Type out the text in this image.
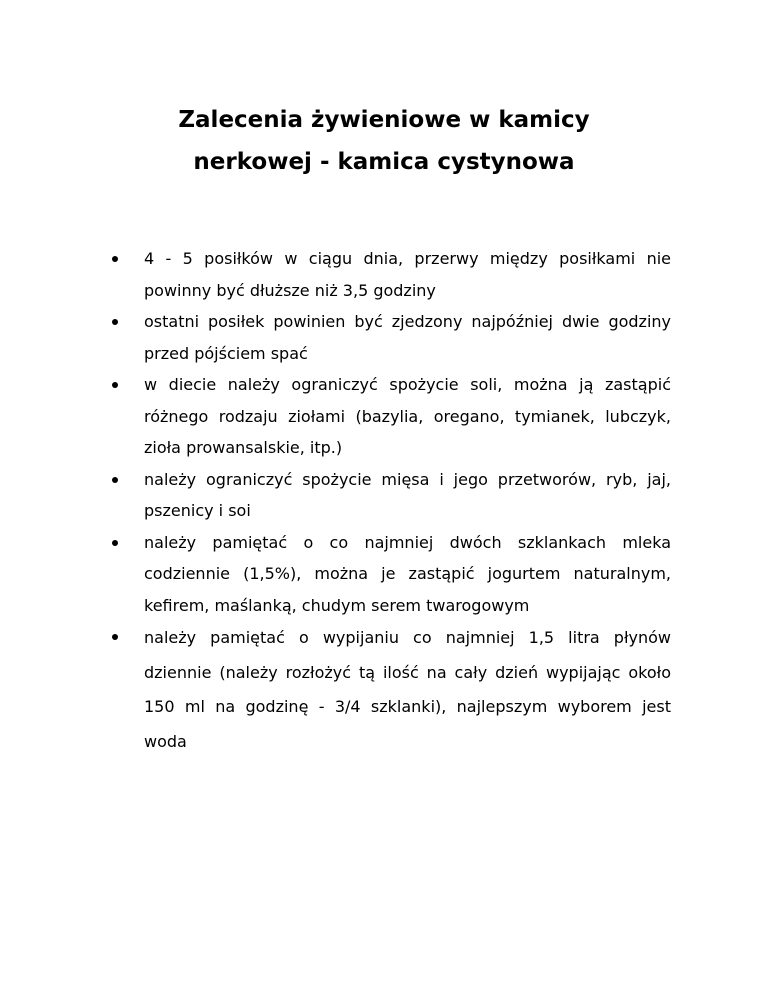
Zalecenia żywieniowe w kamicy
nerkowej - kamica cystynowa
4 - 5 posiłków w ciągu dnia, przerwy między posiłkami nie powinny być dłuższe niż 3,5 godziny
ostatni posiłek powinien być zjedzony najpóźniej dwie godziny przed pójściem spać
w diecie należy ograniczyć spożycie soli, można ją zastąpić różnego rodzaju ziołami (bazylia, oregano, tymianek, lubczyk, zioła prowansalskie, itp.)
należy ograniczyć spożycie mięsa i jego przetworów, ryb, jaj, pszenicy i soi
należy pamiętać o co najmniej dwóch szklankach mleka codziennie (1,5%), można je zastąpić jogurtem naturalnym, kefirem, maślanką, chudym serem twarogowym
należy pamiętać o wypijaniu co najmniej 1,5 litra płynów dziennie (należy rozłożyć tą ilość na cały dzień wypijając około 150 ml na godzinę - 3/4 szklanki), najlepszym wyborem jest woda
